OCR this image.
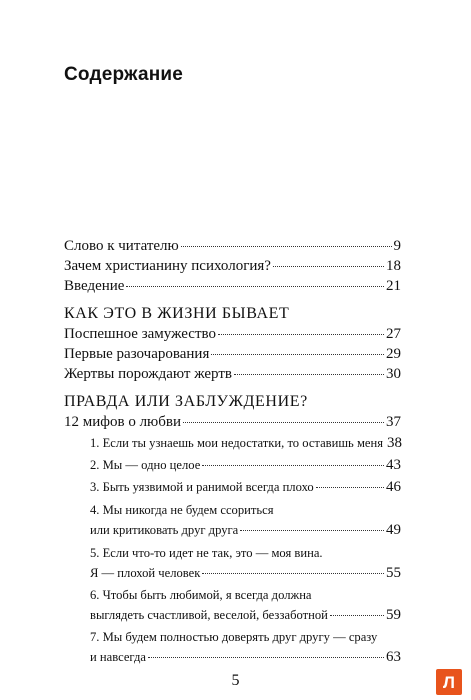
Содержание
Слово к читателю	9
Зачем христианину психология?	18
Введение	21
КАК ЭТО В ЖИЗНИ БЫВАЕТ
Поспешное замужество	27
Первые разочарования	29
Жертвы порождают жертв	30
ПРАВДА ИЛИ ЗАБЛУЖДЕНИЕ?
12 мифов о любви	37
1. Если ты узнаешь мои недостатки, то оставишь меня 38
2. Мы — одно целое	43
3. Быть уязвимой и ранимой всегда плохо	46
4. Мы никогда не будем ссориться
или критиковать друг друга	49
5. Если что-то идет не так, это — моя вина.
Я — плохой человек	55
6. Чтобы быть любимой, я всегда должна
выглядеть счастливой, веселой, беззаботной	59
7. Мы будем полностью доверять друг другу — сразу
и навсегда	63
5	Л
